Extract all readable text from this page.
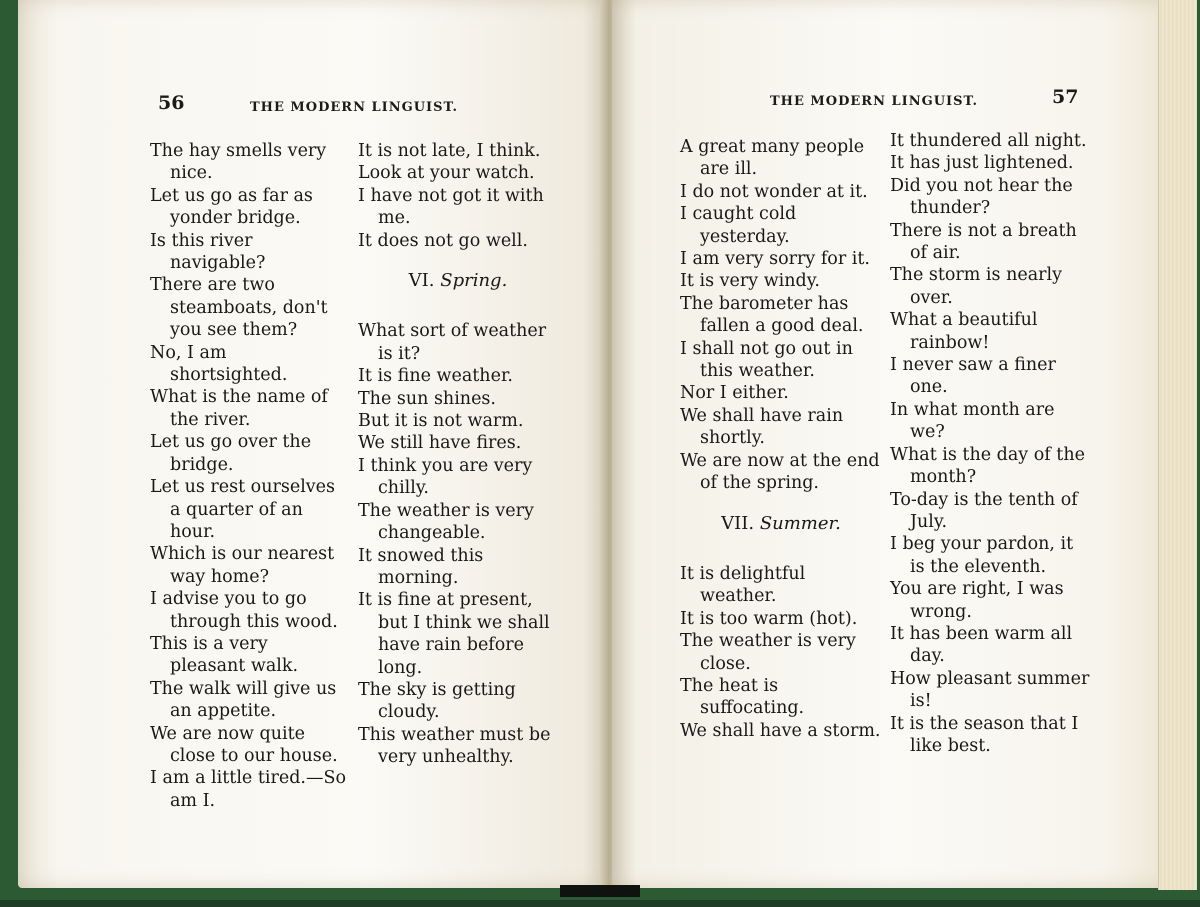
56	THE MODERN LINGUIST.

The hay smells very nice.

Let us go as far as yonder bridge.

Is this river navigable?

There are two steamboats, don't you see them?

No, I am shortsighted.

What is the name of the river.

Let us go over the bridge.

Let us rest ourselves a quarter of an hour.

Which is our nearest way home?

I advise you to go through this wood.

This is a very pleasant walk.

The walk will give us an appetite.

We are now quite close to our house.

I am a little tired.—So am I.

It is not late, I think.

Look at your watch.

I have not got it with me.

It does not go well.

VI. Spring.

What sort of weather is it?

It is fine weather.

The sun shines.

But it is not warm.

We still have fires.

I think you are very chilly.

The weather is very changeable.

It snowed this morning.

It is fine at present, but I think we shall have rain before long.

The sky is getting cloudy.

This weather must be very unhealthy.

THE MODERN LINGUIST.	57

A great many people are ill.

I do not wonder at it.

I caught cold yesterday.

I am very sorry for it.

It is very windy.

The barometer has fallen a good deal.

I shall not go out in this weather.

Nor I either.

We shall have rain shortly.

We are now at the end of the spring.

VII. Summer.

It is delightful weather.

It is too warm (hot).

The weather is very close.

The heat is suffocating.

We shall have a storm.

It thundered all night.

It has just lightened.

Did you not hear the thunder?

There is not a breath of air.

The storm is nearly over.

What a beautiful rainbow!

I never saw a finer one.

In what month are we?

What is the day of the month?

To-day is the tenth of July.

I beg your pardon, it is the eleventh.

You are right, I was wrong.

It has been warm all day.

How pleasant summer is!

It is the season that I like best.
